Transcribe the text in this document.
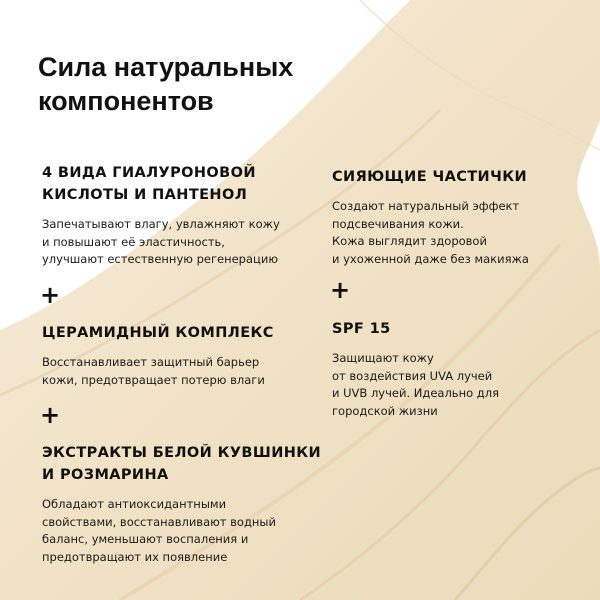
Сила натуральных
компонентов
4 ВИДА ГИАЛУРОНОВОЙ
КИСЛОТЫ И ПАНТЕНОЛ
Запечатывают влагу, увлажняют кожу
и повышают её эластичность,
улучшают естественную регенерацию
+
ЦЕРАМИДНЫЙ КОМПЛЕКС
Восстанавливает защитный барьер
кожи, предотвращает потерю влаги
+
ЭКСТРАКТЫ БЕЛОЙ КУВШИНКИ
И РОЗМАРИНА
Обладают антиоксидантными
свойствами, восстанавливают водный
баланс, уменьшают воспаления и
предотвращают их появление
СИЯЮЩИЕ ЧАСТИЧКИ
Создают натуральный эффект
подсвечивания кожи.
Кожа выглядит здоровой
и ухоженной даже без макияжа
+
SPF 15
Защищают кожу
от воздействия UVA лучей
и UVB лучей. Идеально для
городской жизни
